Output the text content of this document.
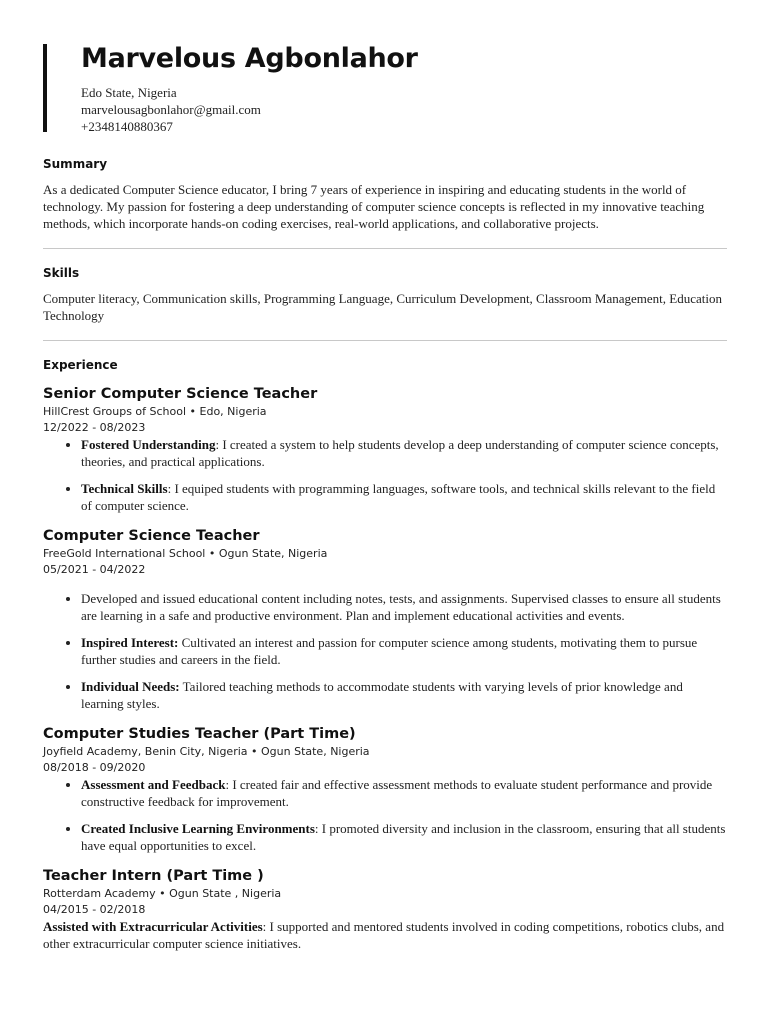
Marvelous Agbonlahor
Edo State, Nigeria
marvelousagbonlahor@gmail.com
+2348140880367
Summary
As a dedicated Computer Science educator, I bring 7 years of experience in inspiring and educating students in the world of technology. My passion for fostering a deep understanding of computer science concepts is reflected in my innovative teaching methods, which incorporate hands-on coding exercises, real-world applications, and collaborative projects.
Skills
Computer literacy, Communication skills, Programming Language, Curriculum Development, Classroom Management, Education Technology
Experience
Senior Computer Science Teacher
HillCrest Groups of School • Edo, Nigeria
12/2022 - 08/2023
• Fostered Understanding: I created a system to help students develop a deep understanding of computer science concepts, theories, and practical applications.
• Technical Skills: I equiped students with programming languages, software tools, and technical skills relevant to the field of computer science.
Computer Science Teacher
FreeGold International School • Ogun State, Nigeria
05/2021 - 04/2022
• Developed and issued educational content including notes, tests, and assignments. Supervised classes to ensure all students are learning in a safe and productive environment. Plan and implement educational activities and events.
• Inspired Interest: Cultivated an interest and passion for computer science among students, motivating them to pursue further studies and careers in the field.
• Individual Needs: Tailored teaching methods to accommodate students with varying levels of prior knowledge and learning styles.
Computer Studies Teacher (Part Time)
Joyfield Academy, Benin City, Nigeria • Ogun State, Nigeria
08/2018 - 09/2020
• Assessment and Feedback: I created fair and effective assessment methods to evaluate student performance and provide constructive feedback for improvement.
• Created Inclusive Learning Environments: I promoted diversity and inclusion in the classroom, ensuring that all students have equal opportunities to excel.
Teacher Intern (Part Time )
Rotterdam Academy • Ogun State , Nigeria
04/2015 - 02/2018
Assisted with Extracurricular Activities: I supported and mentored students involved in coding competitions, robotics clubs, and other extracurricular computer science initiatives.
